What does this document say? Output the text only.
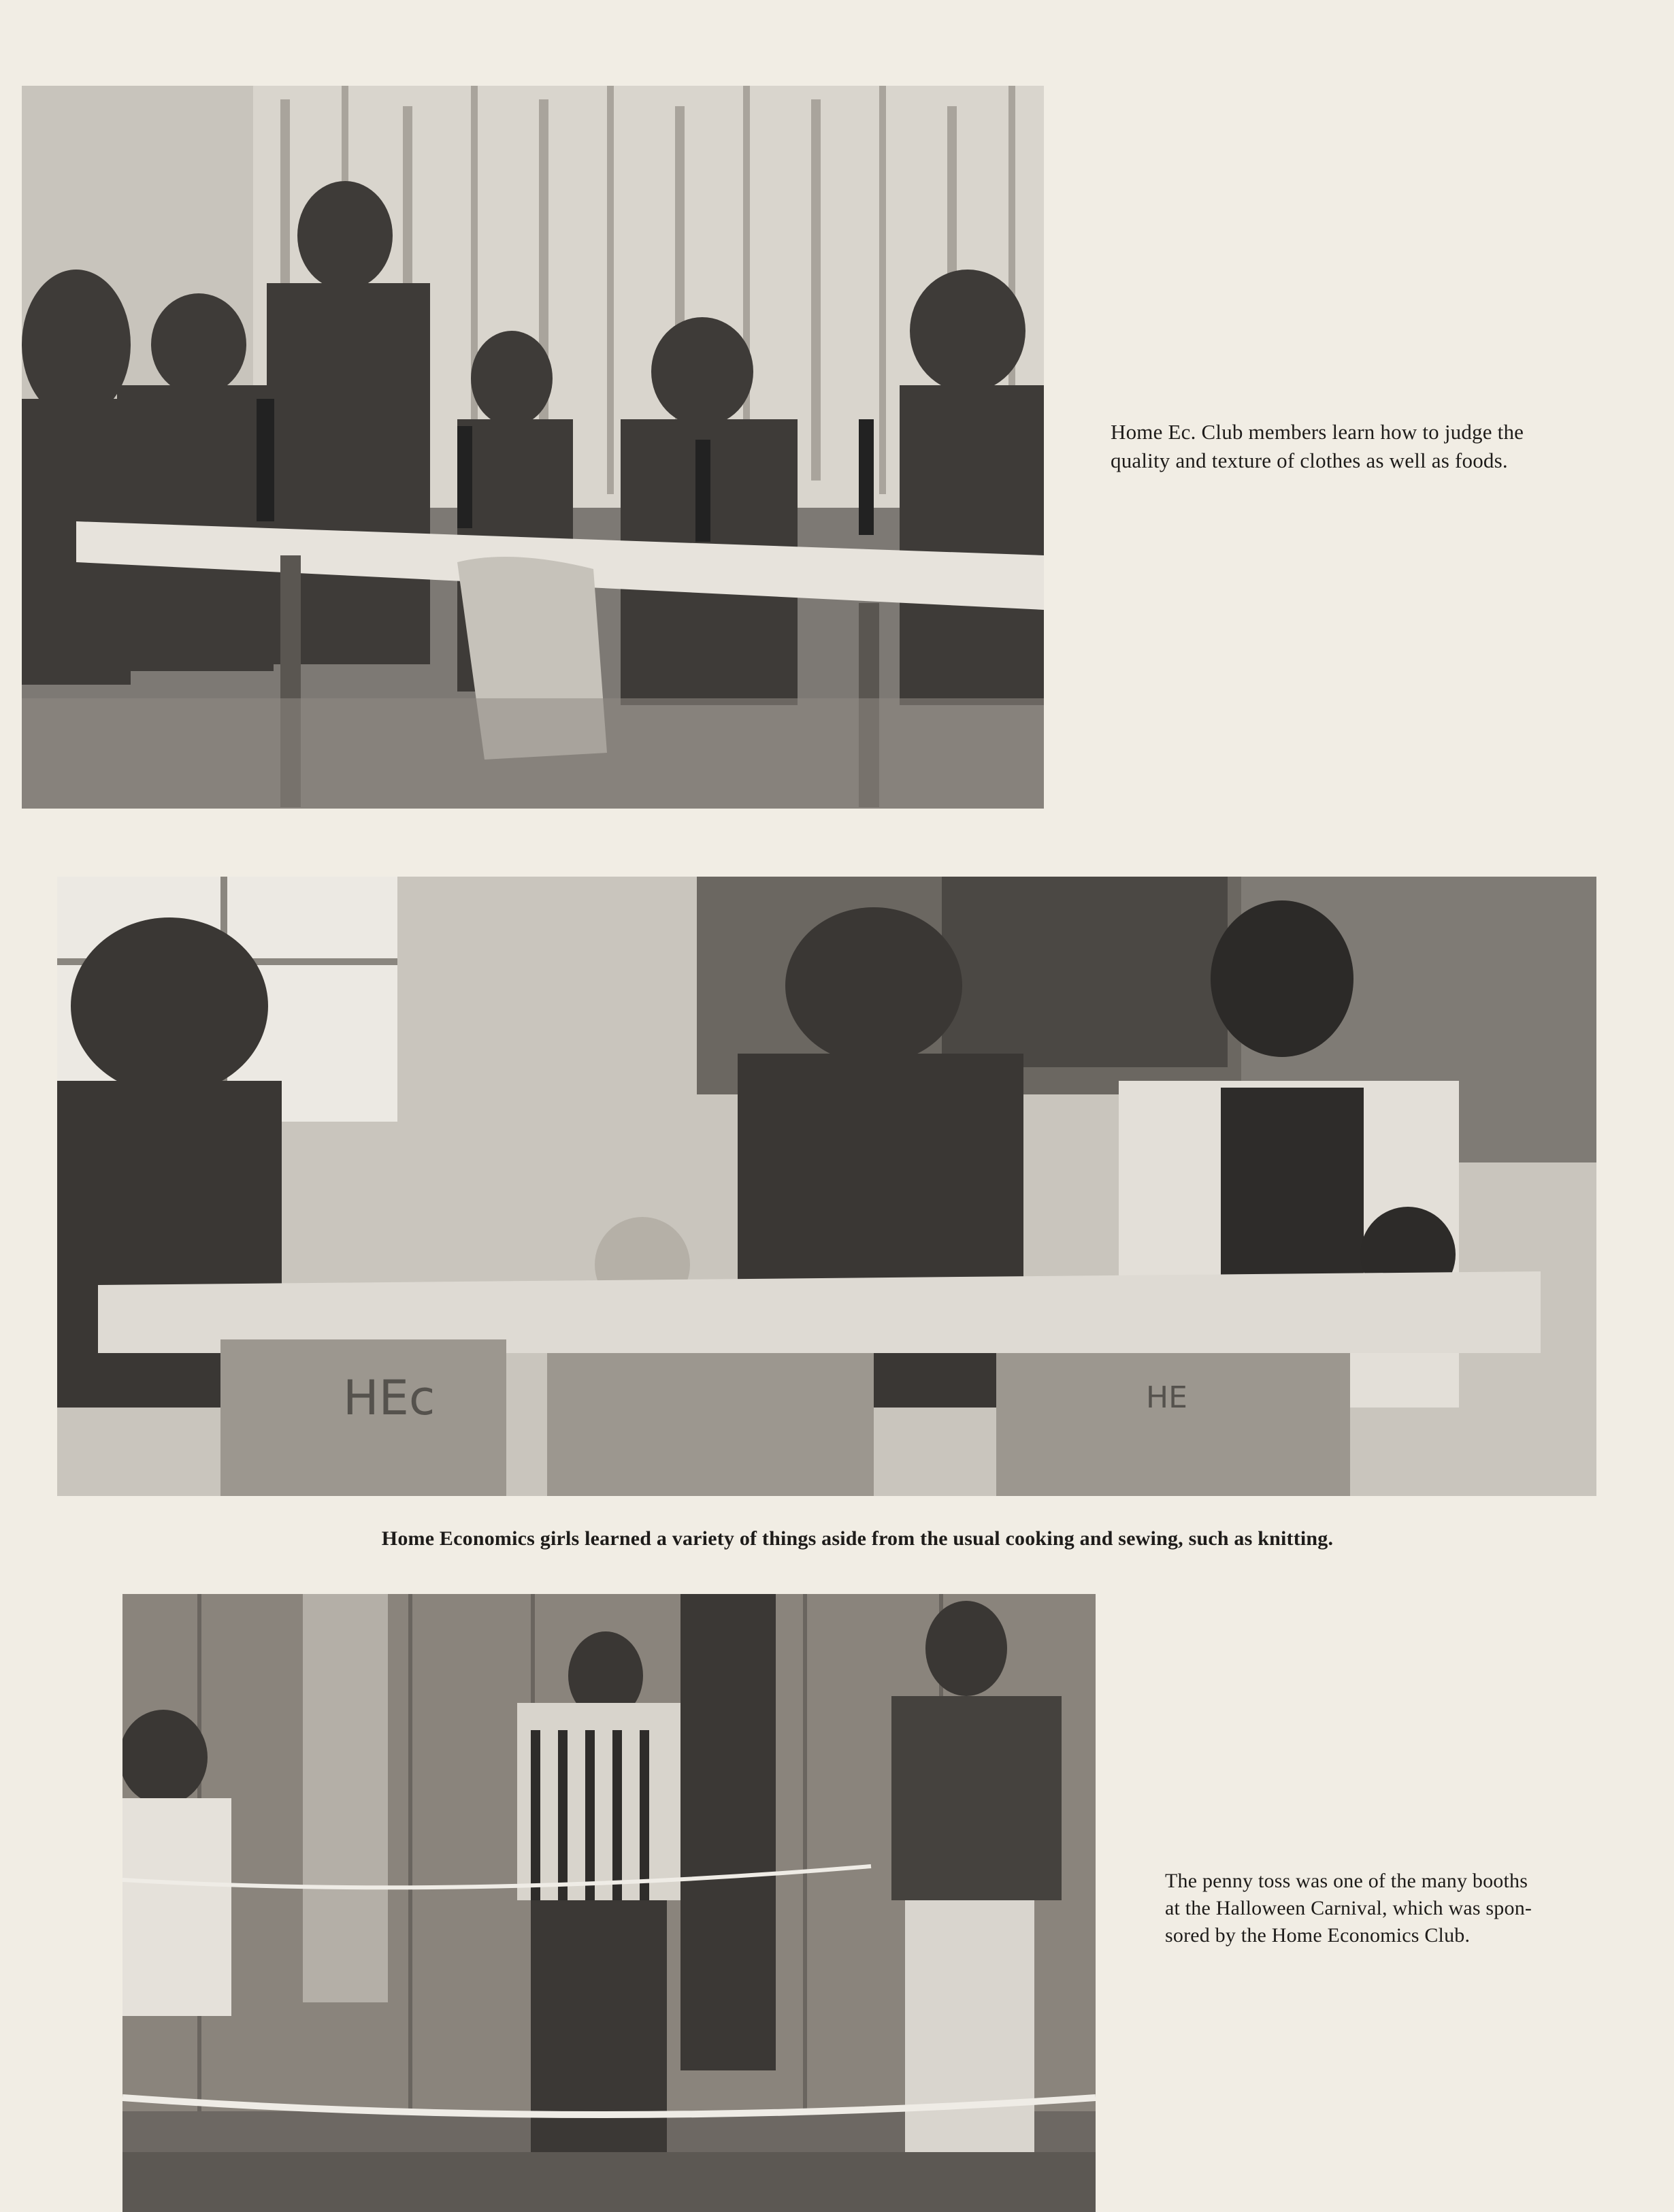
Home Ec. Club members learn how to judge the

quality and texture of clothes as well as foods.

HEc	HE

Home Economics girls learned a variety of things aside from the usual cooking and sewing, such as knitting.

The penny toss was one of the many booths

at the Halloween Carnival, which was spon-

sored by the Home Economics Club.
